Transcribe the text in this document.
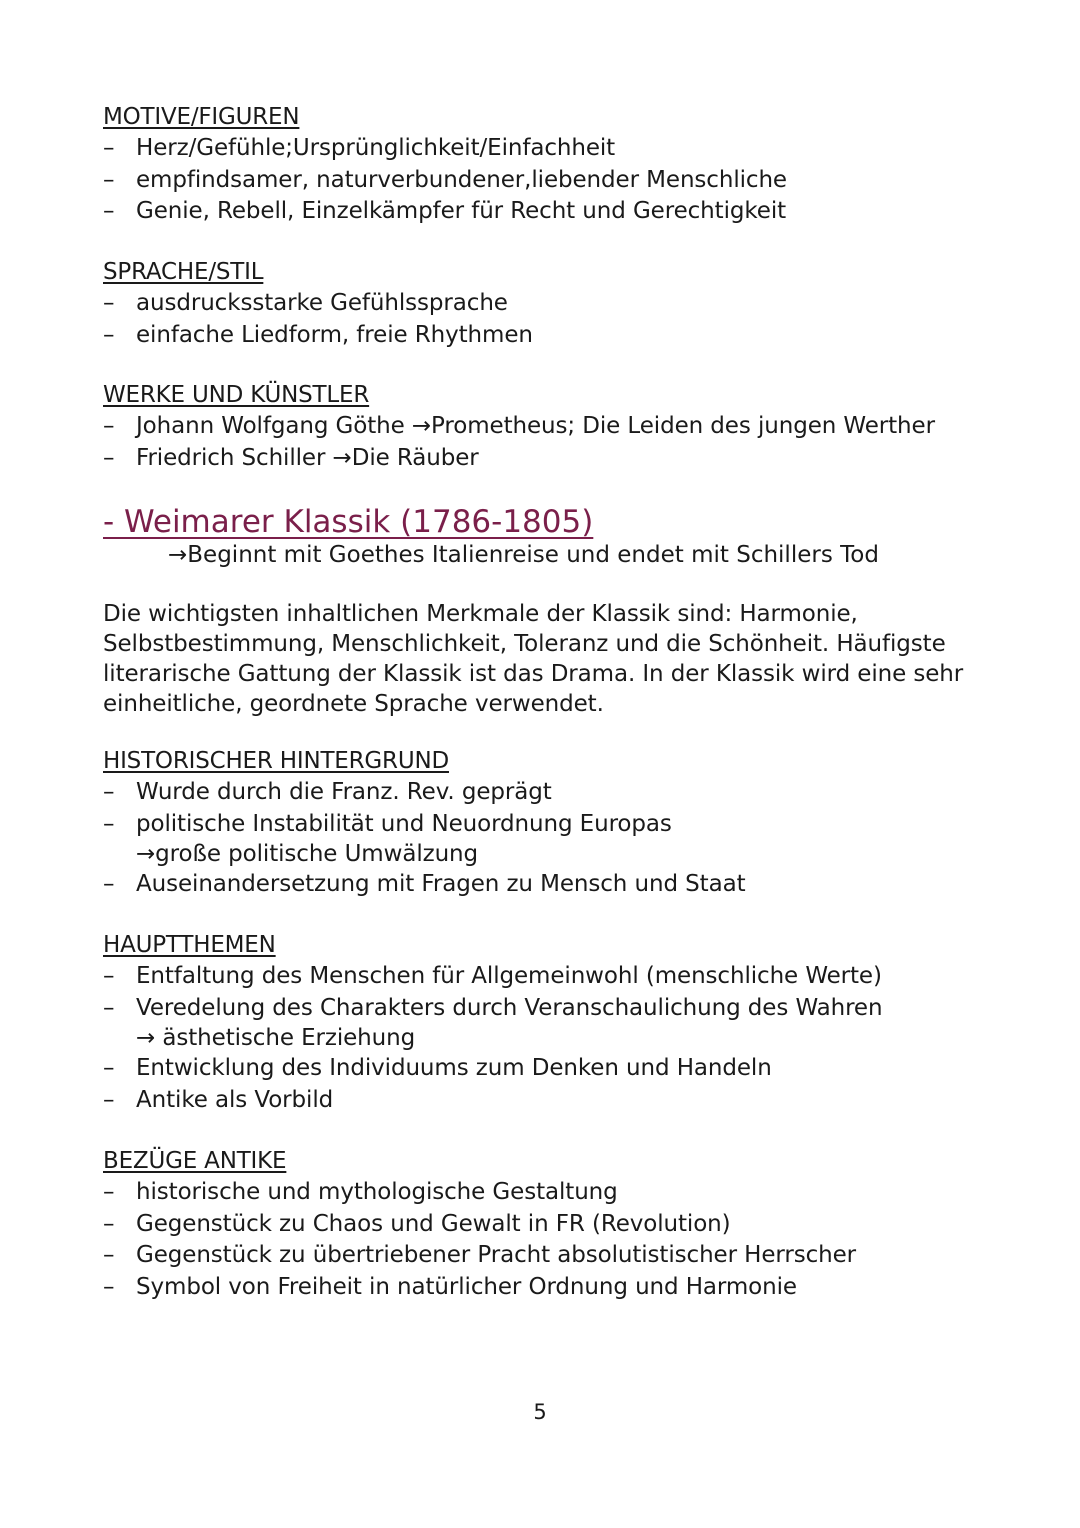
MOTIVE/FIGUREN
– Herz/Gefühle;Ursprünglichkeit/Einfachheit
– empfindsamer, naturverbundener,liebender Menschliche
– Genie, Rebell, Einzelkämpfer für Recht und Gerechtigkeit
SPRACHE/STIL
– ausdrucksstarke Gefühlssprache
– einfache Liedform, freie Rhythmen
WERKE UND KÜNSTLER
– Johann Wolfgang Göthe →Prometheus; Die Leiden des jungen Werther
– Friedrich Schiller →Die Räuber
- Weimarer Klassik (1786-1805)
→Beginnt mit Goethes Italienreise und endet mit Schillers Tod
Die wichtigsten inhaltlichen Merkmale der Klassik sind: Harmonie,
Selbstbestimmung, Menschlichkeit, Toleranz und die Schönheit. Häufigste
literarische Gattung der Klassik ist das Drama. In der Klassik wird eine sehr
einheitliche, geordnete Sprache verwendet.
HISTORISCHER HINTERGRUND
– Wurde durch die Franz. Rev. geprägt
– politische Instabilität und Neuordnung Europas
→große politische Umwälzung
– Auseinandersetzung mit Fragen zu Mensch und Staat
HAUPTTHEMEN
– Entfaltung des Menschen für Allgemeinwohl (menschliche Werte)
– Veredelung des Charakters durch Veranschaulichung des Wahren
→ ästhetische Erziehung
– Entwicklung des Individuums zum Denken und Handeln
– Antike als Vorbild
BEZÜGE ANTIKE
– historische und mythologische Gestaltung
– Gegenstück zu Chaos und Gewalt in FR (Revolution)
– Gegenstück zu übertriebener Pracht absolutistischer Herrscher
– Symbol von Freiheit in natürlicher Ordnung und Harmonie
5
